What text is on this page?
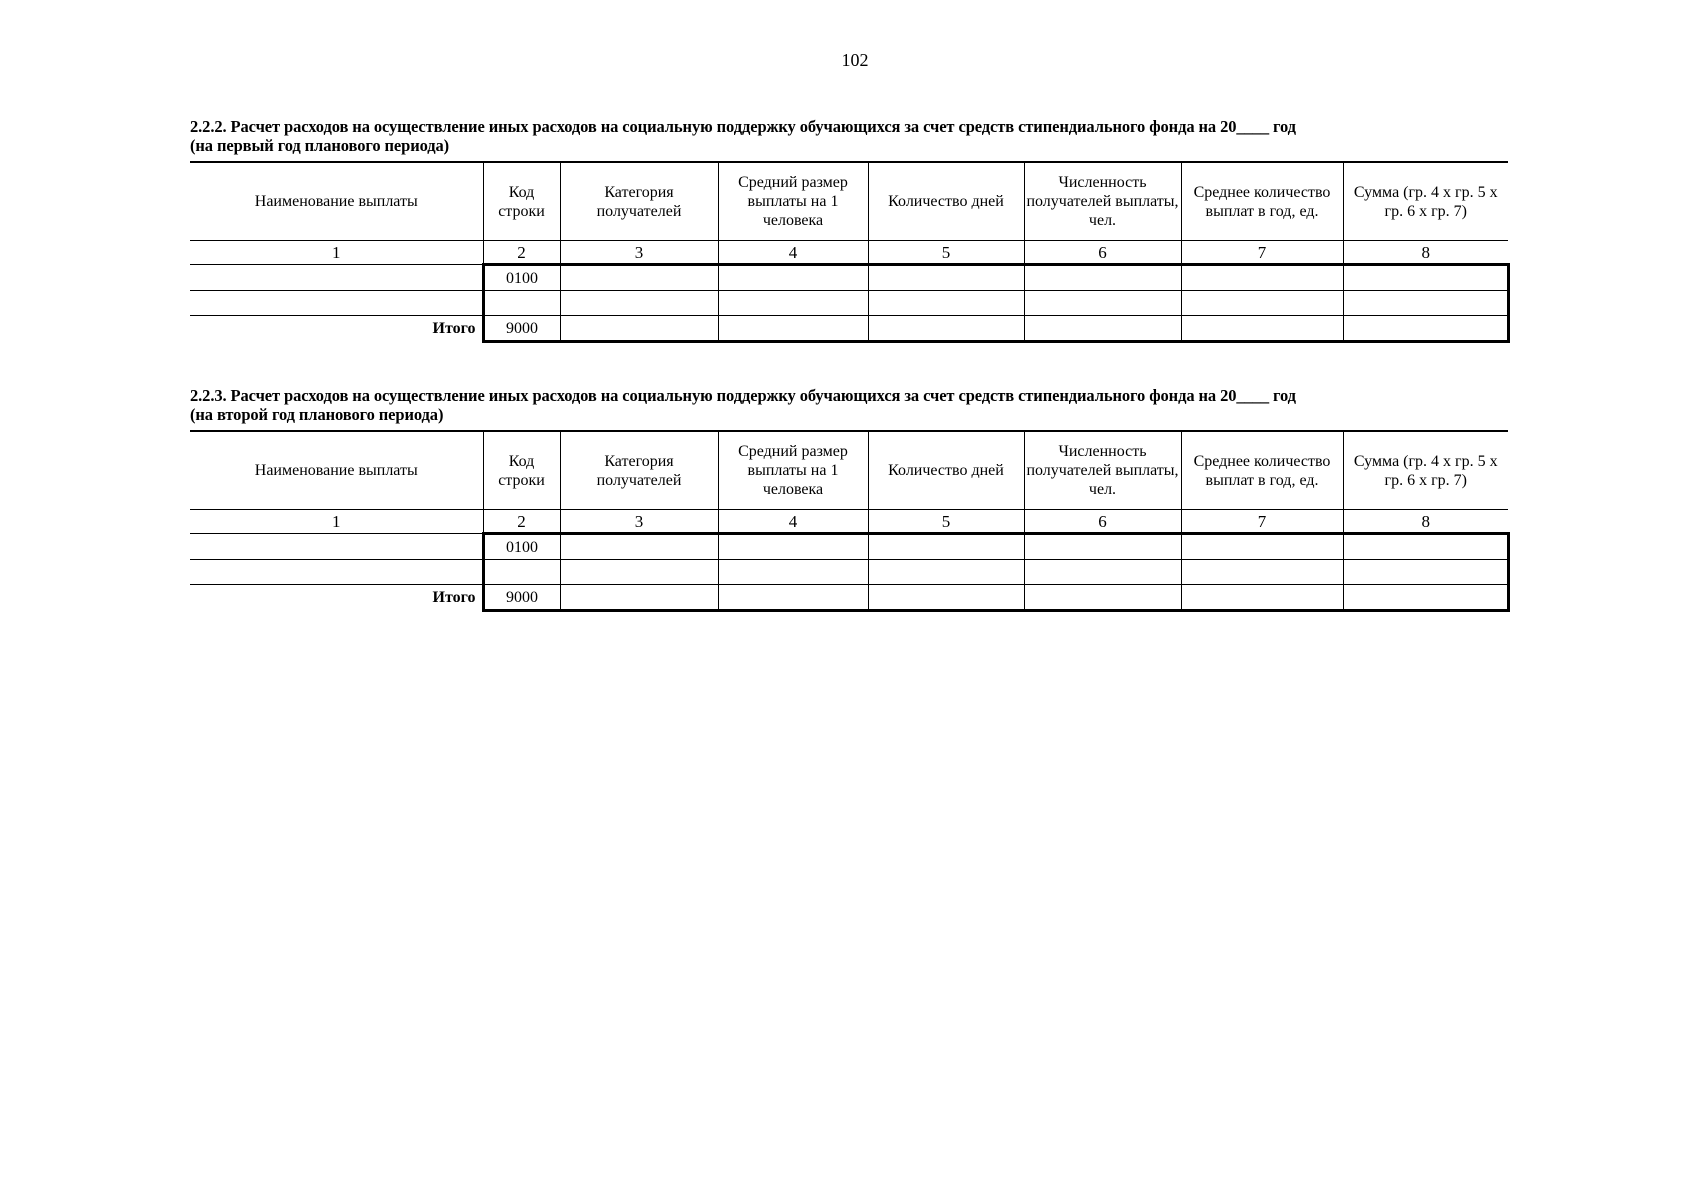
102
2.2.2. Расчет расходов на осуществление иных расходов на социальную поддержку обучающихся за счет средств стипендиального фонда на 20____ год
(на первый год планового периода)
Наименование выплаты	Код строки	Категория получателей	Средний размер выплаты на 1 человека	Количество дней	Численность получателей выплаты, чел.	Среднее количество выплат в год, ед.	Сумма (гр. 4 х гр. 5 х гр. 6 х гр. 7)
1	2	3	4	5	6	7	8
	0100						

Итого	9000						
2.2.3. Расчет расходов на осуществление иных расходов на социальную поддержку обучающихся за счет средств стипендиального фонда на 20____ год
(на второй год планового периода)
Наименование выплаты	Код строки	Категория получателей	Средний размер выплаты на 1 человека	Количество дней	Численность получателей выплаты, чел.	Среднее количество выплат в год, ед.	Сумма (гр. 4 х гр. 5 х гр. 6 х гр. 7)
1	2	3	4	5	6	7	8
	0100						

Итого	9000						
